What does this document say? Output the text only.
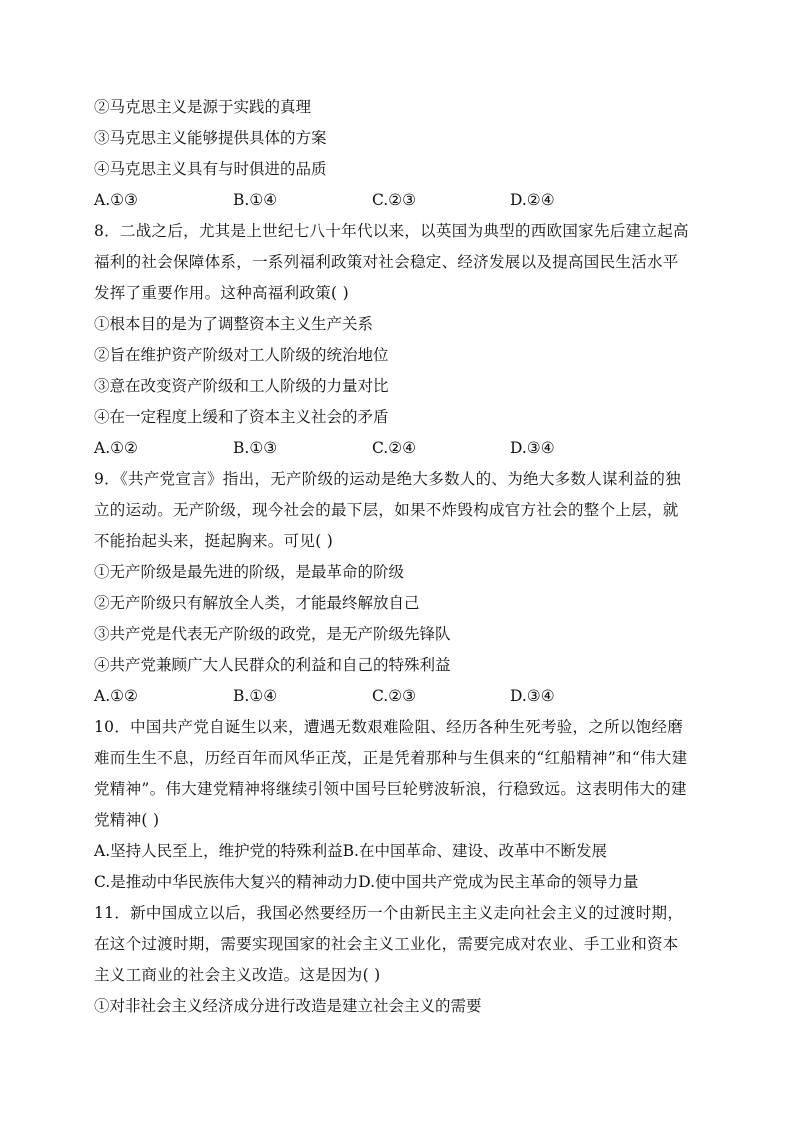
②马克思主义是源于实践的真理
③马克思主义能够提供具体的方案
④马克思主义具有与时俱进的品质
A.①③	B.①④	C.②③	D.②④
8．二战之后，尤其是上世纪七八十年代以来，以英国为典型的西欧国家先后建立起高
福利的社会保障体系，一系列福利政策对社会稳定、经济发展以及提高国民生活水平
发挥了重要作用。这种高福利政策( )
①根本目的是为了调整资本主义生产关系
②旨在维护资产阶级对工人阶级的统治地位
③意在改变资产阶级和工人阶级的力量对比
④在一定程度上缓和了资本主义社会的矛盾
A.①②	B.①③	C.②④	D.③④
9．《共产党宣言》指出，无产阶级的运动是绝大多数人的、为绝大多数人谋利益的独
立的运动。无产阶级，现今社会的最下层，如果不炸毁构成官方社会的整个上层，就
不能抬起头来，挺起胸来。可见( )
①无产阶级是最先进的阶级，是最革命的阶级
②无产阶级只有解放全人类，才能最终解放自己
③共产党是代表无产阶级的政党，是无产阶级先锋队
④共产党兼顾广大人民群众的利益和自己的特殊利益
A.①②	B.①④	C.②③	D.③④
10．中国共产党自诞生以来，遭遇无数艰难险阻、经历各种生死考验，之所以饱经磨
难而生生不息，历经百年而风华正茂，正是凭着那种与生俱来的“红船精神”和“伟大建
党精神”。伟大建党精神将继续引领中国号巨轮劈波斩浪，行稳致远。这表明伟大的建
党精神( )
A.坚持人民至上，维护党的特殊利益B.在中国革命、建设、改革中不断发展
C.是推动中华民族伟大复兴的精神动力D.使中国共产党成为民主革命的领导力量
11．新中国成立以后，我国必然要经历一个由新民主主义走向社会主义的过渡时期，
在这个过渡时期，需要实现国家的社会主义工业化，需要完成对农业、手工业和资本
主义工商业的社会主义改造。这是因为( )
①对非社会主义经济成分进行改造是建立社会主义的需要
